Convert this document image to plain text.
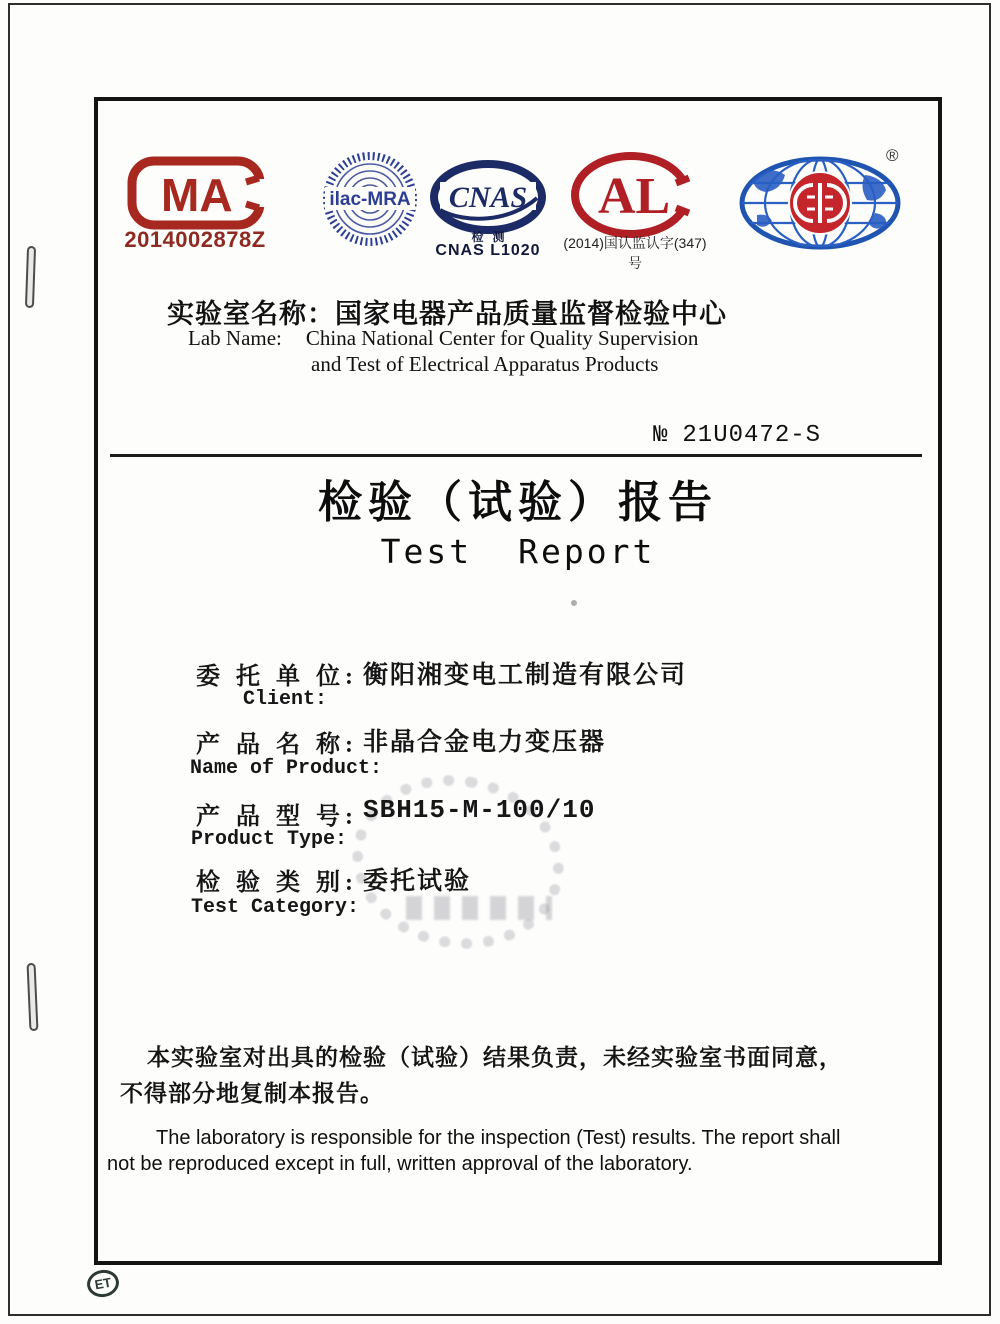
MA
2014002878Z
ilac-MRA CNAS
检测
CNAS L1020
AL
(2014)国认监认字(347)号
®
实验室名称：国家电器产品质量监督检验中心
Lab Name: China National Center for Quality Supervision
and Test of Electrical Apparatus Products
№ 21U0472-S
检验（试验）报告
Test Report
委 托 单 位: 衡阳湘变电工制造有限公司
Client:
产 品 名 称: 非晶合金电力变压器
Name of Product:
产 品 型 号: SBH15-M-100/10
Product Type:
检 验 类 别: 委托试验
Test Category:
本实验室对出具的检验（试验）结果负责，未经实验室书面同意，
不得部分地复制本报告。
The laboratory is responsible for the inspection (Test) results. The report shall
not be reproduced except in full, written approval of the laboratory.
ET
